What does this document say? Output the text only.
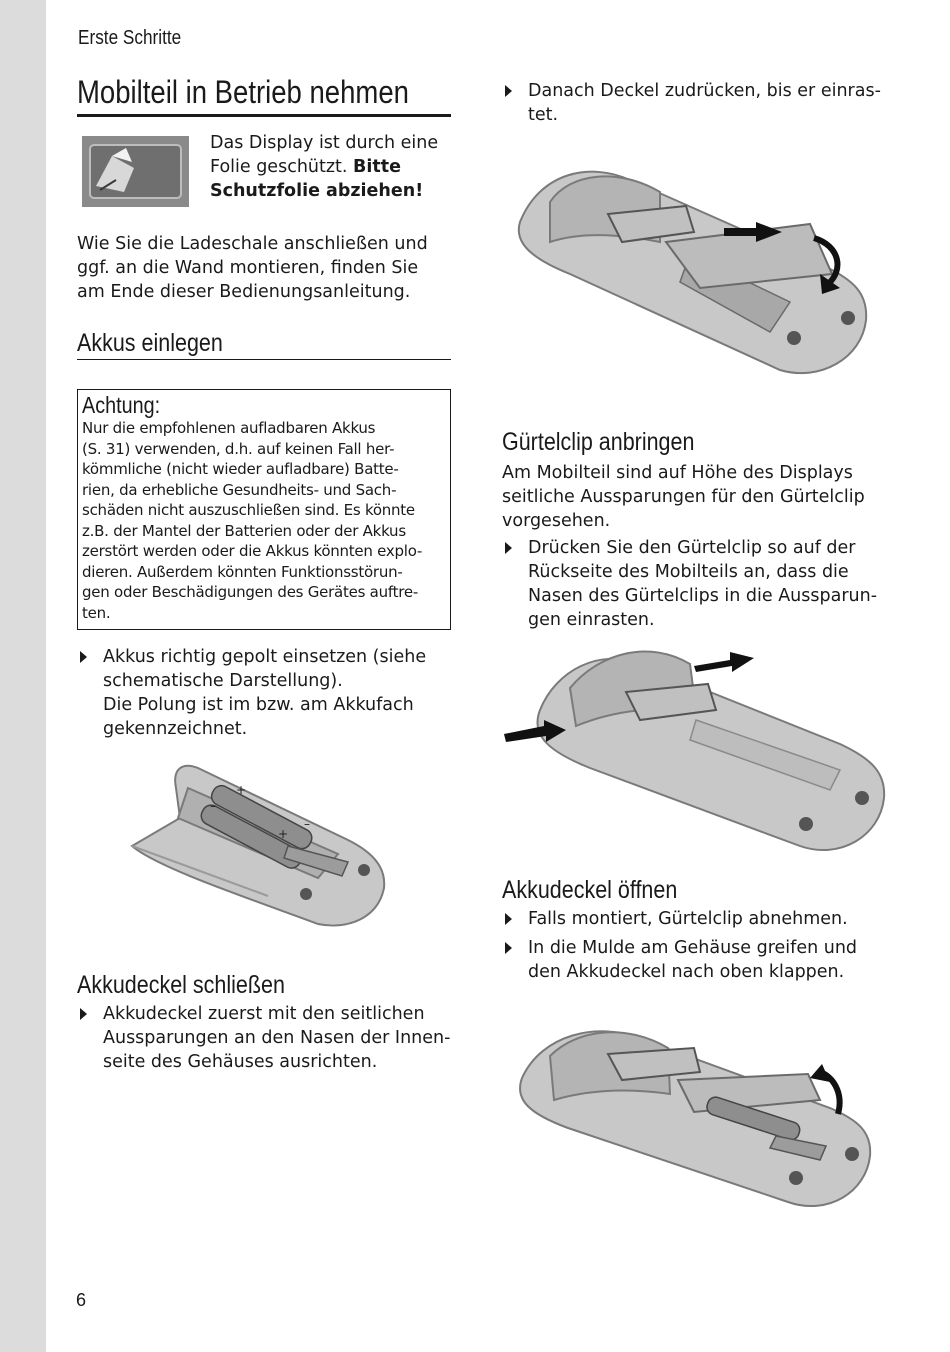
Erste Schritte
Mobilteil in Betrieb nehmen
Das Display ist durch eine
Folie geschützt. Bitte
Schutzfolie abziehen!
Wie Sie die Ladeschale anschließen und
ggf. an die Wand montieren, finden Sie
am Ende dieser Bedienungsanleitung.
Akkus einlegen
Achtung:
Nur die empfohlenen aufladbaren Akkus
(S. 31) verwenden, d.h. auf keinen Fall her-
kömmliche (nicht wieder aufladbare) Batte-
rien, da erhebliche Gesundheits- und Sach-
schäden nicht auszuschließen sind. Es könnte
z.B. der Mantel der Batterien oder der Akkus
zerstört werden oder die Akkus könnten explo-
dieren. Außerdem könnten Funktionsstörun-
gen oder Beschädigungen des Gerätes auftre-
ten.
Akkus richtig gepolt einsetzen (siehe
schematische Darstellung).
Die Polung ist im bzw. am Akkufach
gekennzeichnet.
–
+
+
–
Akkudeckel schließen
Akkudeckel zuerst mit den seitlichen
Aussparungen an den Nasen der Innen-
seite des Gehäuses ausrichten.
6
Danach Deckel zudrücken, bis er einras-
tet.
Gürtelclip anbringen
Am Mobilteil sind auf Höhe des Displays
seitliche Aussparungen für den Gürtelclip
vorgesehen.
Drücken Sie den Gürtelclip so auf der
Rückseite des Mobilteils an, dass die
Nasen des Gürtelclips in die Aussparun-
gen einrasten.
Akkudeckel öffnen
Falls montiert, Gürtelclip abnehmen.
In die Mulde am Gehäuse greifen und
den Akkudeckel nach oben klappen.
